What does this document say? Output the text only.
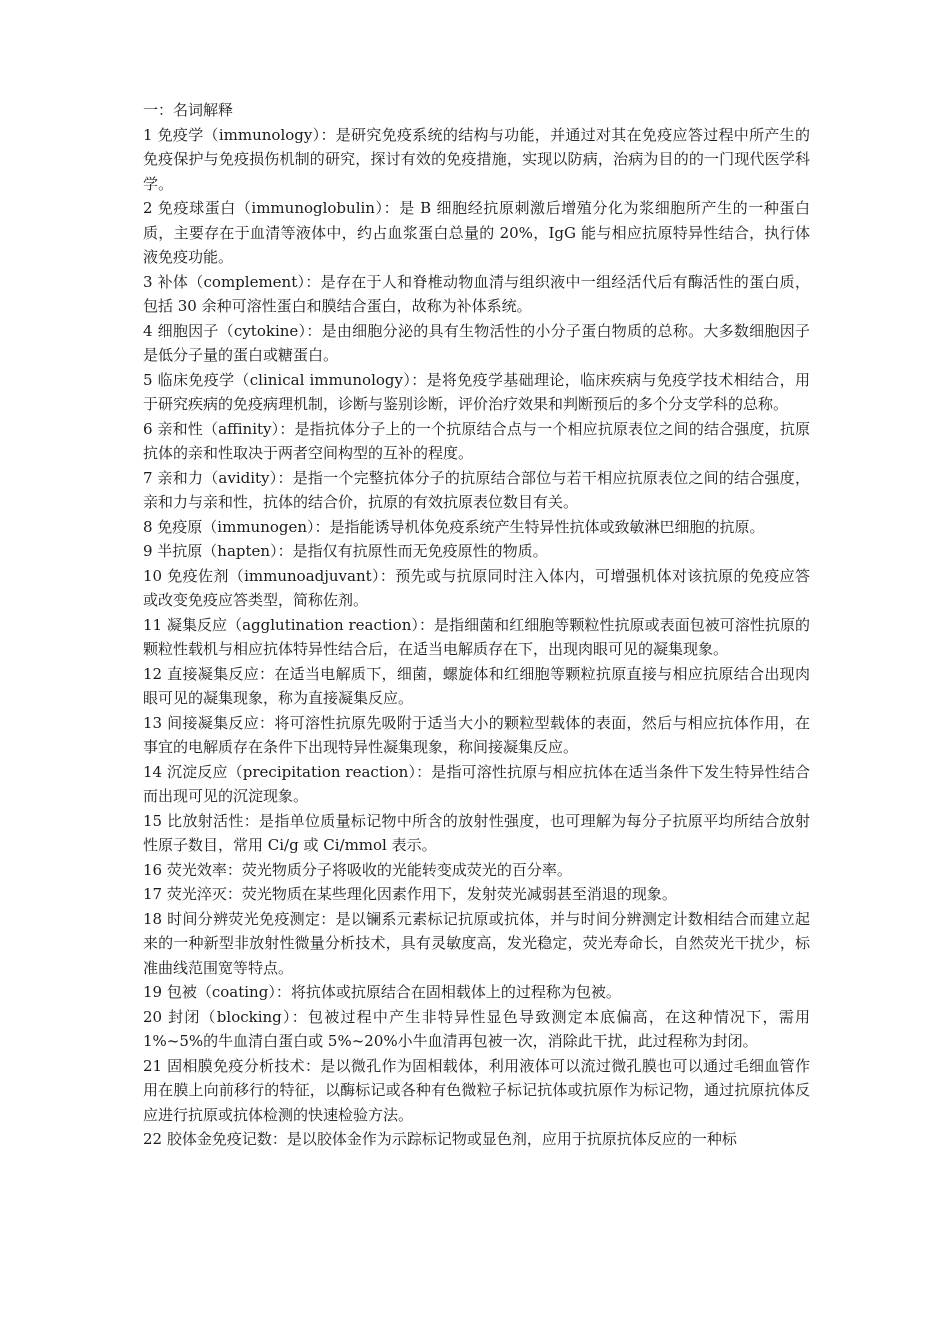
一：名词解释

1 免疫学（immunology）：是研究免疫系统的结构与功能，并通过对其在免疫应答过程中所产生的免疫保护与免疫损伤机制的研究，探讨有效的免疫措施，实现以防病，治病为目的的一门现代医学科学。

2 免疫球蛋白（immunoglobulin）：是 B 细胞经抗原刺激后增殖分化为浆细胞所产生的一种蛋白质，主要存在于血清等液体中，约占血浆蛋白总量的 20%，IgG 能与相应抗原特异性结合，执行体液免疫功能。

3 补体（complement）：是存在于人和脊椎动物血清与组织液中一组经活代后有酶活性的蛋白质，包括 30 余种可溶性蛋白和膜结合蛋白，故称为补体系统。

4 细胞因子（cytokine）：是由细胞分泌的具有生物活性的小分子蛋白物质的总称。大多数细胞因子是低分子量的蛋白或糖蛋白。

5 临床免疫学（clinical immunology）：是将免疫学基础理论，临床疾病与免疫学技术相结合，用于研究疾病的免疫病理机制，诊断与鉴别诊断，评价治疗效果和判断预后的多个分支学科的总称。

6 亲和性（affinity）：是指抗体分子上的一个抗原结合点与一个相应抗原表位之间的结合强度，抗原抗体的亲和性取决于两者空间构型的互补的程度。

7 亲和力（avidity）：是指一个完整抗体分子的抗原结合部位与若干相应抗原表位之间的结合强度，亲和力与亲和性，抗体的结合价，抗原的有效抗原表位数目有关。

8 免疫原（immunogen）：是指能诱导机体免疫系统产生特异性抗体或致敏淋巴细胞的抗原。

9 半抗原（hapten）：是指仅有抗原性而无免疫原性的物质。

10 免疫佐剂（immunoadjuvant）：预先或与抗原同时注入体内，可增强机体对该抗原的免疫应答或改变免疫应答类型，简称佐剂。

11 凝集反应（agglutination reaction）：是指细菌和红细胞等颗粒性抗原或表面包被可溶性抗原的颗粒性载机与相应抗体特异性结合后，在适当电解质存在下，出现肉眼可见的凝集现象。

12 直接凝集反应：在适当电解质下，细菌，螺旋体和红细胞等颗粒抗原直接与相应抗原结合出现肉眼可见的凝集现象，称为直接凝集反应。

13 间接凝集反应：将可溶性抗原先吸附于适当大小的颗粒型载体的表面，然后与相应抗体作用，在事宜的电解质存在条件下出现特异性凝集现象，称间接凝集反应。

14 沉淀反应（precipitation reaction）：是指可溶性抗原与相应抗体在适当条件下发生特异性结合而出现可见的沉淀现象。

15 比放射活性：是指单位质量标记物中所含的放射性强度，也可理解为每分子抗原平均所结合放射性原子数目，常用 Ci/g 或 Ci/mmol 表示。

16 荧光效率：荧光物质分子将吸收的光能转变成荧光的百分率。

17 荧光淬灭：荧光物质在某些理化因素作用下，发射荧光减弱甚至消退的现象。

18 时间分辨荧光免疫测定：是以镧系元素标记抗原或抗体，并与时间分辨测定计数相结合而建立起来的一种新型非放射性微量分析技术，具有灵敏度高，发光稳定，荧光寿命长，自然荧光干扰少，标准曲线范围宽等特点。

19 包被（coating）：将抗体或抗原结合在固相载体上的过程称为包被。

20 封闭（blocking）：包被过程中产生非特异性显色导致测定本底偏高，在这种情况下，需用 1%~5%的牛血清白蛋白或 5%~20%小牛血清再包被一次，消除此干扰，此过程称为封闭。

21 固相膜免疫分析技术：是以微孔作为固相载体，利用液体可以流过微孔膜也可以通过毛细血管作用在膜上向前移行的特征，以酶标记或各种有色微粒子标记抗体或抗原作为标记物，通过抗原抗体反应进行抗原或抗体检测的快速检验方法。

22 胶体金免疫记数：是以胶体金作为示踪标记物或显色剂，应用于抗原抗体反应的一种标
